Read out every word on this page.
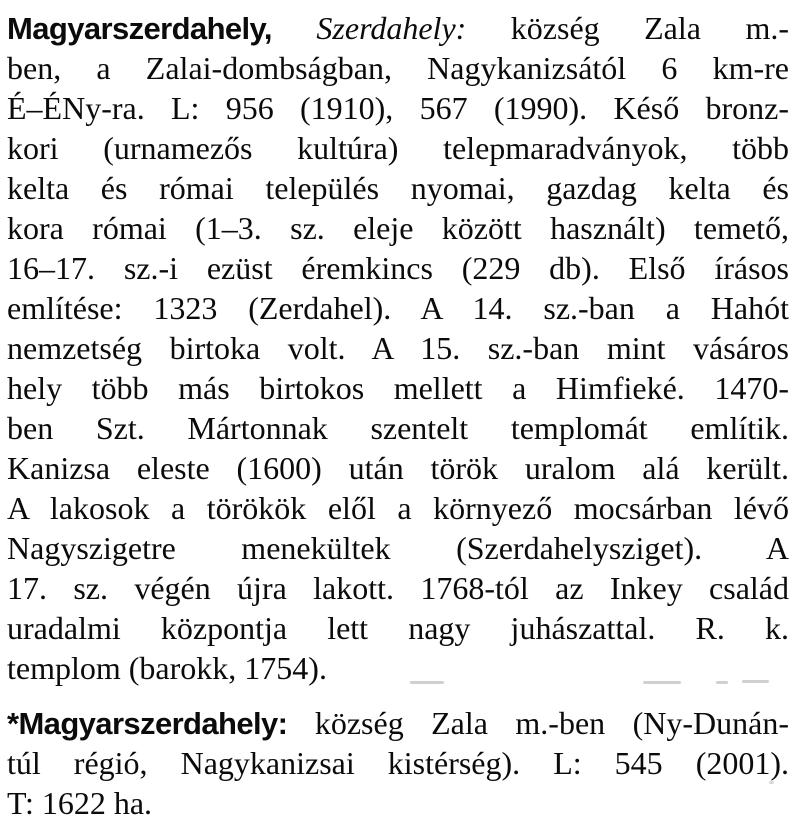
Magyarszerdahely, Szerdahely: község Zala m.-
ben, a Zalai-dombságban, Nagykanizsától 6 km-re
É–ÉNy-ra. L: 956 (1910), 567 (1990). Késő bronz-
kori (urnamezős kultúra) telepmaradványok, több
kelta és római település nyomai, gazdag kelta és
kora római (1–3. sz. eleje között használt) temető,
16–17. sz.-i ezüst éremkincs (229 db). Első írásos
említése: 1323 (Zerdahel). A 14. sz.-ban a Hahót
nemzetség birtoka volt. A 15. sz.-ban mint vásáros
hely több más birtokos mellett a Himfieké. 1470-
ben Szt. Mártonnak szentelt templomát említik.
Kanizsa eleste (1600) után török uralom alá került.
A lakosok a törökök elől a környező mocsárban lévő
Nagyszigetre menekültek (Szerdahelysziget). A
17. sz. végén újra lakott. 1768-tól az Inkey család
uradalmi központja lett nagy juhászattal. R. k.
templom (barokk, 1754).
*Magyarszerdahely: község Zala m.-ben (Ny-Dunán-
túl régió, Nagykanizsai kistérség). L: 545 (2001).
T: 1622 ha.
